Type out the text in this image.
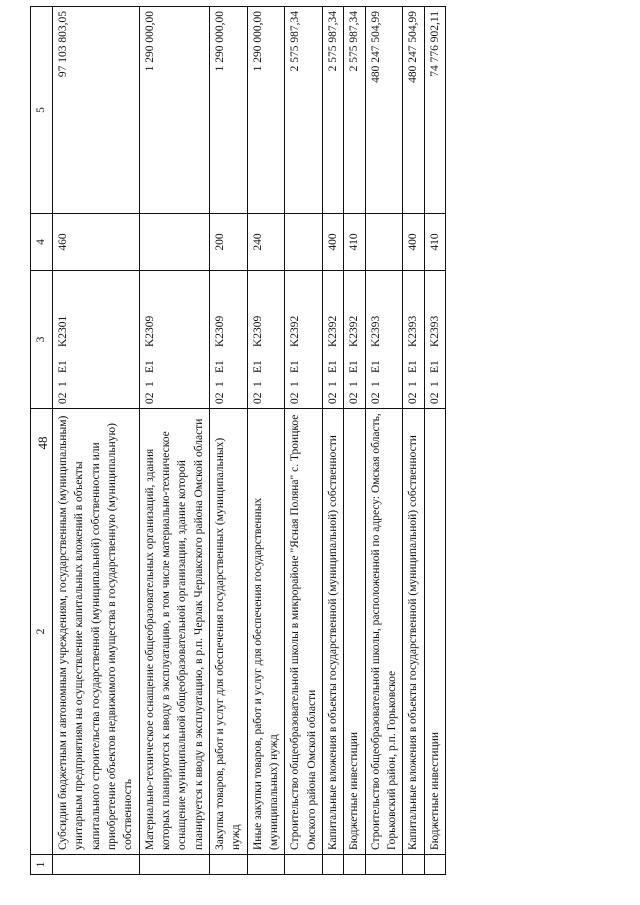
48
1	2	3	4	5
	Субсидии бюджетным и автономным учреждениям, государственным (муниципальным) унитарным предприятиям на осуществление капитальных вложений в объекты капитального строительства государственной (муниципальной) собственности или приобретение объектов недвижимого имущества в государственную (муниципальную) собственность	021E1K2301	460	97 103 803,05
	Материально-техническое оснащение общеобразовательных организаций, здания которых планируются к вводу в эксплуатацию, в том числе материально-техническое оснащение муниципальной общеобразовательной организации, здание которой планируется к вводу в эксплуатацию, в р.п. Черлак Черлакского района Омской области	021E1K2309		1 290 000,00
	Закупка товаров, работ и услуг для обеспечения государственных (муниципальных) нужд	021E1K2309	200	1 290 000,00
	Иные закупки товаров, работ и услуг для обеспечения государственных (муниципальных) нужд	021E1K2309	240	1 290 000,00
	Строительство общеобразовательной школы в микрорайоне "Ясная Поляна" с. Троицкое Омского района Омской области	021E1K2392		2 575 987,34
	Капитальные вложения в объекты государственной (муниципальной) собственности	021E1K2392	400	2 575 987,34
	Бюджетные инвестиции	021E1K2392	410	2 575 987,34
	Строительство общеобразовательной школы, расположенной по адресу: Омская область, Горьковский район, р.п. Горьковское	021E1K2393		480 247 504,99
	Капитальные вложения в объекты государственной (муниципальной) собственности	021E1K2393	400	480 247 504,99
	Бюджетные инвестиции	021E1K2393	410	74 776 902,11
